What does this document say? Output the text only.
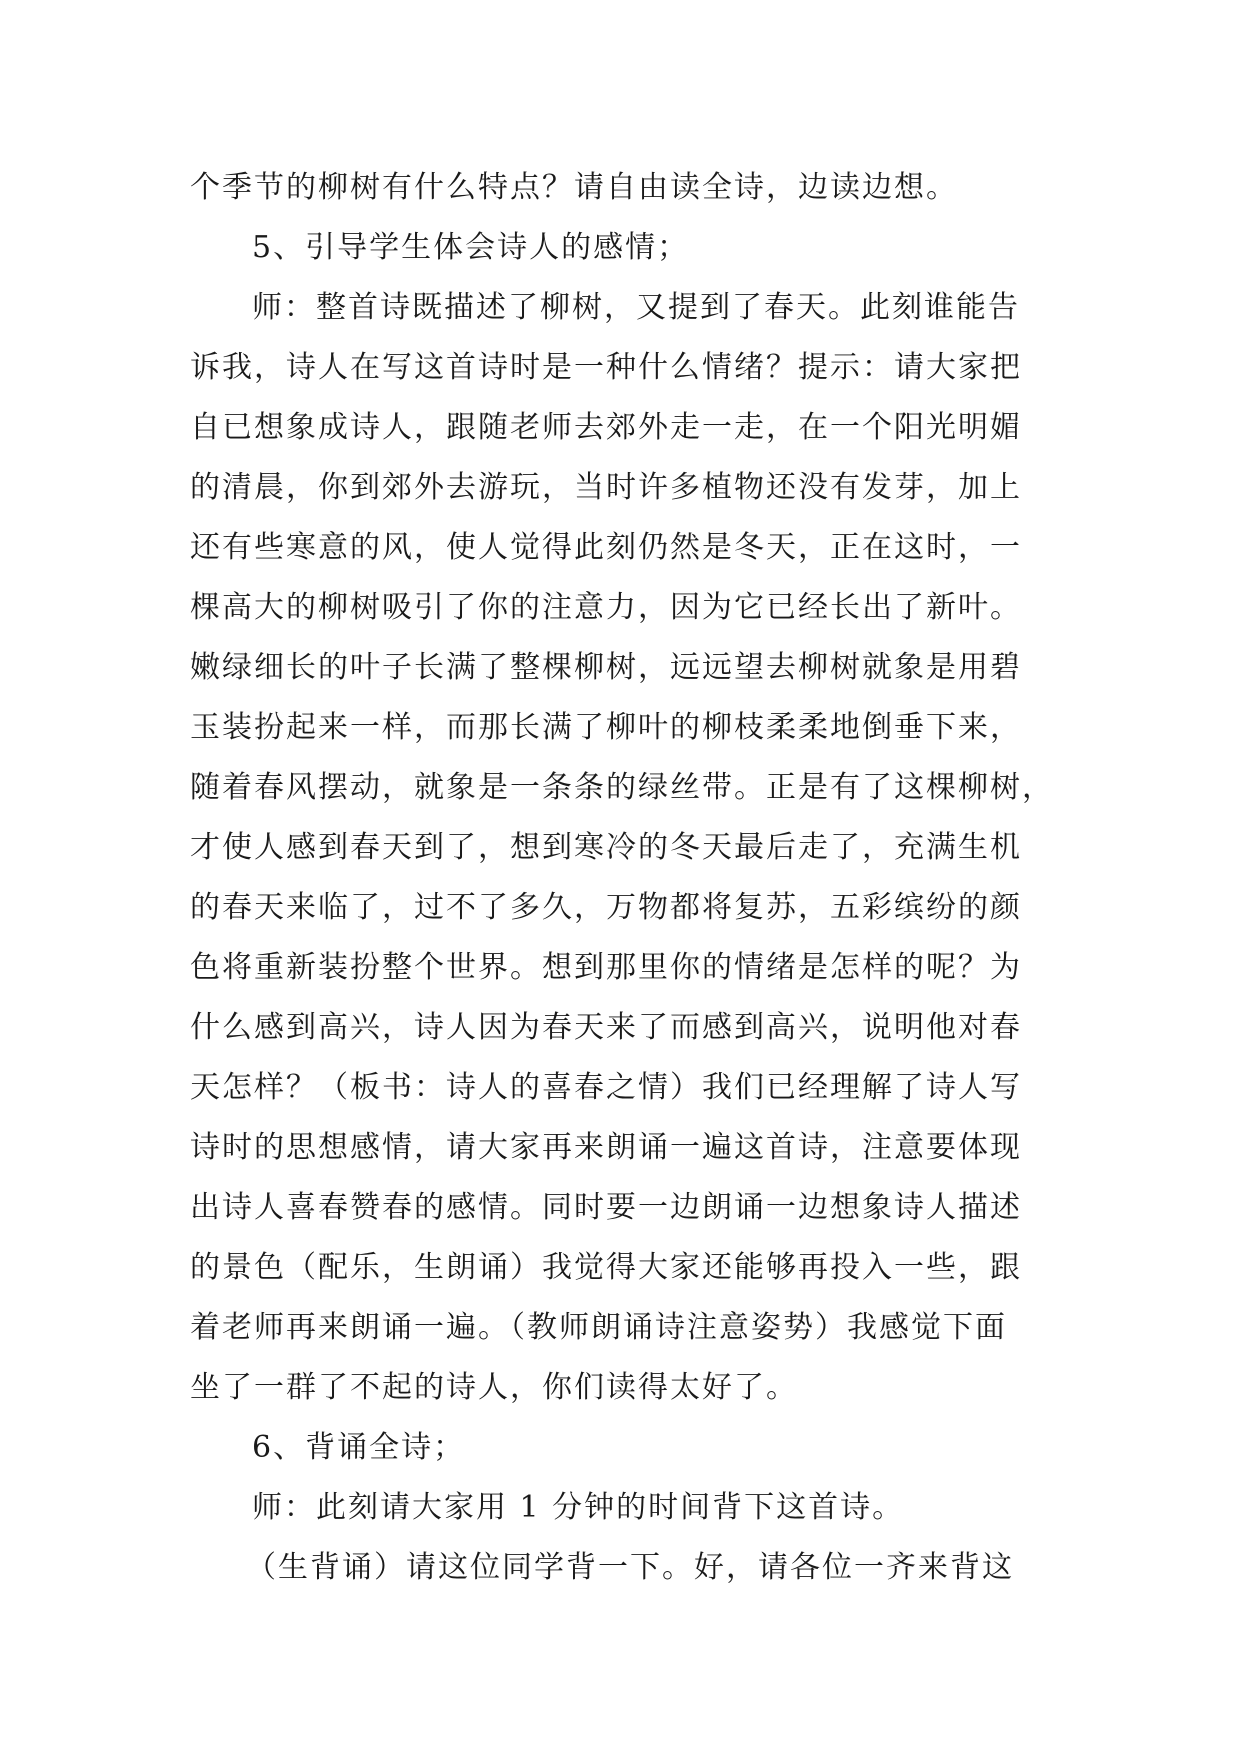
个季节的柳树有什么特点？请自由读全诗，边读边想。
5、引导学生体会诗人的感情；
师：整首诗既描述了柳树，又提到了春天。此刻谁能告
诉我，诗人在写这首诗时是一种什么情绪？提示：请大家把
自已想象成诗人，跟随老师去郊外走一走，在一个阳光明媚
的清晨，你到郊外去游玩，当时许多植物还没有发芽，加上
还有些寒意的风，使人觉得此刻仍然是冬天，正在这时，一
棵高大的柳树吸引了你的注意力，因为它已经长出了新叶。
嫩绿细长的叶子长满了整棵柳树，远远望去柳树就象是用碧
玉装扮起来一样，而那长满了柳叶的柳枝柔柔地倒垂下来，
随着春风摆动，就象是一条条的绿丝带。正是有了这棵柳树，
才使人感到春天到了，想到寒冷的冬天最后走了，充满生机
的春天来临了，过不了多久，万物都将复苏，五彩缤纷的颜
色将重新装扮整个世界。想到那里你的情绪是怎样的呢？为
什么感到高兴，诗人因为春天来了而感到高兴，说明他对春
天怎样？（板书：诗人的喜春之情）我们已经理解了诗人写
诗时的思想感情，请大家再来朗诵一遍这首诗，注意要体现
出诗人喜春赞春的感情。同时要一边朗诵一边想象诗人描述
的景色（配乐，生朗诵）我觉得大家还能够再投入一些，跟
着老师再来朗诵一遍。（教师朗诵诗注意姿势）我感觉下面
坐了一群了不起的诗人，你们读得太好了。
6、背诵全诗；
师：此刻请大家用 1 分钟的时间背下这首诗。
（生背诵）请这位同学背一下。好，请各位一齐来背这
